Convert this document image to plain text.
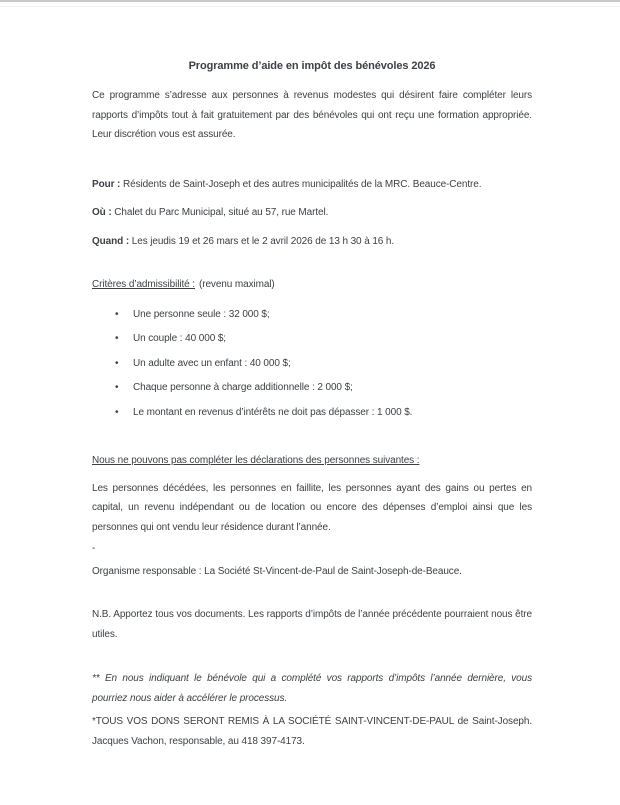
Programme d’aide en impôt des bénévoles 2026

Ce programme s’adresse aux personnes à revenus modestes qui désirent faire compléter leurs rapports d’impôts tout à fait gratuitement par des bénévoles qui ont reçu une formation appropriée. Leur discrétion vous est assurée.

Pour : Résidents de Saint-Joseph et des autres municipalités de la MRC. Beauce-Centre.

Où : Chalet du Parc Municipal, situé au 57, rue Martel.

Quand : Les jeudis 19 et 26 mars et le 2 avril 2026 de 13 h 30 à 16 h.

Critères d’admissibilité : (revenu maximal)

• Une personne seule : 32 000 $;
• Un couple : 40 000 $;
• Un adulte avec un enfant : 40 000 $;
• Chaque personne à charge additionnelle : 2 000 $;
• Le montant en revenus d’intérêts ne doit pas dépasser : 1 000 $.

Nous ne pouvons pas compléter les déclarations des personnes suivantes :

Les personnes décédées, les personnes en faillite, les personnes ayant des gains ou pertes en capital, un revenu indépendant ou de location ou encore des dépenses d’emploi ainsi que les personnes qui ont vendu leur résidence durant l’année.

-

Organisme responsable : La Société St-Vincent-de-Paul de Saint-Joseph-de-Beauce.

N.B. Apportez tous vos documents. Les rapports d’impôts de l’année précédente pourraient nous être utiles.

** En nous indiquant le bénévole qui a complété vos rapports d’impôts l’année dernière, vous pourriez nous aider à accélérer le processus.

*TOUS VOS DONS SERONT REMIS À LA SOCIÉTÉ SAINT-VINCENT-DE-PAUL de Saint-Joseph. Jacques Vachon, responsable, au 418 397-4173.
